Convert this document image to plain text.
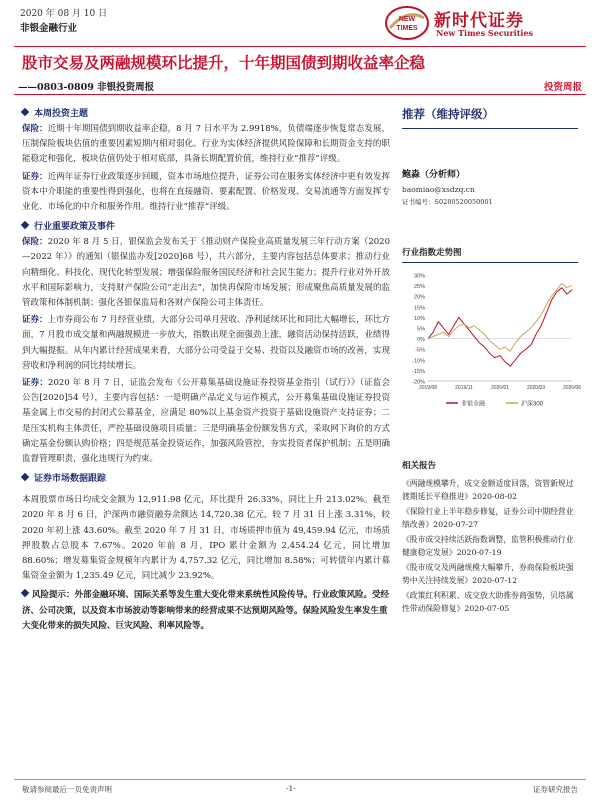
2020 年 08 月 10 日
非银金融行业
NEW
TIMES 新时代证券
New Times Securities
股市交易及两融规模环比提升，十年期国债到期收益率企稳
——0803-0809 非银投资周报	投资周报
本周投资主题
保险：近期十年期国债到期收益率企稳，8 月 7 日水平为 2.9918%，负债端逐步恢复常态发展，压制保险板块估值的重要因素短期内相对弱化。行业为实体经济提供风险保障和长期资金支持的职能稳定和强化，板块估值仍处于相对底部，具备长期配置价值，维持行业“推荐”评级。
证券：近两年证券行业政策逐步回暖，资本市场地位提升，证券公司在服务实体经济中更有效发挥资本中介职能的重要性得到强化，也将在直接融资、要素配置、价格发现、交易流通等方面发挥专业化、市场化的中介和服务作用。维持行业“推荐”评级。
行业重要政策及事件
保险：2020 年 8 月 5 日，银保监会发布关于《推动财产保险业高质量发展三年行动方案（2020—2022 年）》的通知（银保监办发[2020]68 号），共六部分，主要内容包括总体要求；推动行业向精细化、科技化、现代化转型发展；增强保险服务国民经济和社会民生能力；提升行业对外开放水平和国际影响力，支持财产保险公司“走出去”，加快再保险市场发展；形成聚焦高质量发展的监管政策和体制机制；强化各银保监局和各财产保险公司主体责任。
证券：上市券商公布 7 月经营业绩，大部分公司单月营收、净利延续环比和同比大幅增长，环比方面，7 月股市成交量和两融规模进一步放大，指数出现全面强劲上涨，融资活动保持活跃，业绩得到大幅提振。从年内累计经营成果来看，大部分公司受益于交易、投资以及融资市场的改善，实现营收和净利润的同比持续增长。
证券：2020 年 8 月 7 日，证监会发布《公开募集基础设施证券投资基金指引（试行）》（证监会公告[2020]54 号），主要内容包括：一是明确产品定义与运作模式，公开募集基础设施证券投资基金属上市交易的封闭式公募基金，应满足 80%以上基金资产投资于基础设施资产支持证券；二是压实机构主体责任，严控基础设施项目质量；三是明确基金份额发售方式，采取网下询价的方式确定基金份额认购价格；四是规范基金投资运作，加强风险管控，夯实投资者保护机制；五是明确监督管理职责，强化违规行为约束。
证券市场数据跟踪
本周股票市场日均成交金额为 12,911.98 亿元，环比提升 26.33%，同比上升 213.02%。截至 2020 年 8 月 6 日，沪深两市融资融券余额达 14,720.38 亿元，较 7 月 31 日上涨 3.31%，较 2020 年初上涨 43.60%。截至 2020 年 7 月 31 日，市场质押市值为 49,459.94 亿元，市场质押股数占总股本 7.67%。2020 年前 8 月，IPO 累计金额为 2,454.24 亿元，同比增加 88.60%；增发募集资金规模年内累计为 4,757.32 亿元，同比增加 8.58%；可转债年内累计募集资金金额为 1,235.49 亿元，同比减少 23.92%。
风险提示：外部金融环境、国际关系等发生重大变化带来系统性风险传导。行业政策风险。受经济、公司决策，以及资本市场波动等影响带来的经营成果不达预期风险等。保险风险发生率发生重大变化带来的损失风险、巨灾风险、利率风险等。
推荐（维持评级）
鲍淼（分析师）
baomiao@xsdzq.cn
证书编号：S0280520050001
行业指数走势图
30%
25%
20%
15%
10%
5%
0%
-5%
-10%
-15%
-20%
2019/08	2019/11	2020/01	2020/03	2020/06
非银金融	沪深300
相关报告
《两融规模攀升，成交金额适度回落，资管新规过渡期延长平稳推进》2020-08-02
《保险行业上半年稳步修复，证券公司中期经营业绩改善》2020-07-27
《股市成交持续活跃指数调整，监管积极推动行业健康稳定发展》2020-07-19
《股市成交及两融规模大幅攀升，券商保险板块强势中关注持续发展》2020-07-12
《政策红利积累、成交放大助推券商强势，贝塔属性带动保险修复》2020-07-05
敬请参阅最后一页免责声明	-1-	证券研究报告
